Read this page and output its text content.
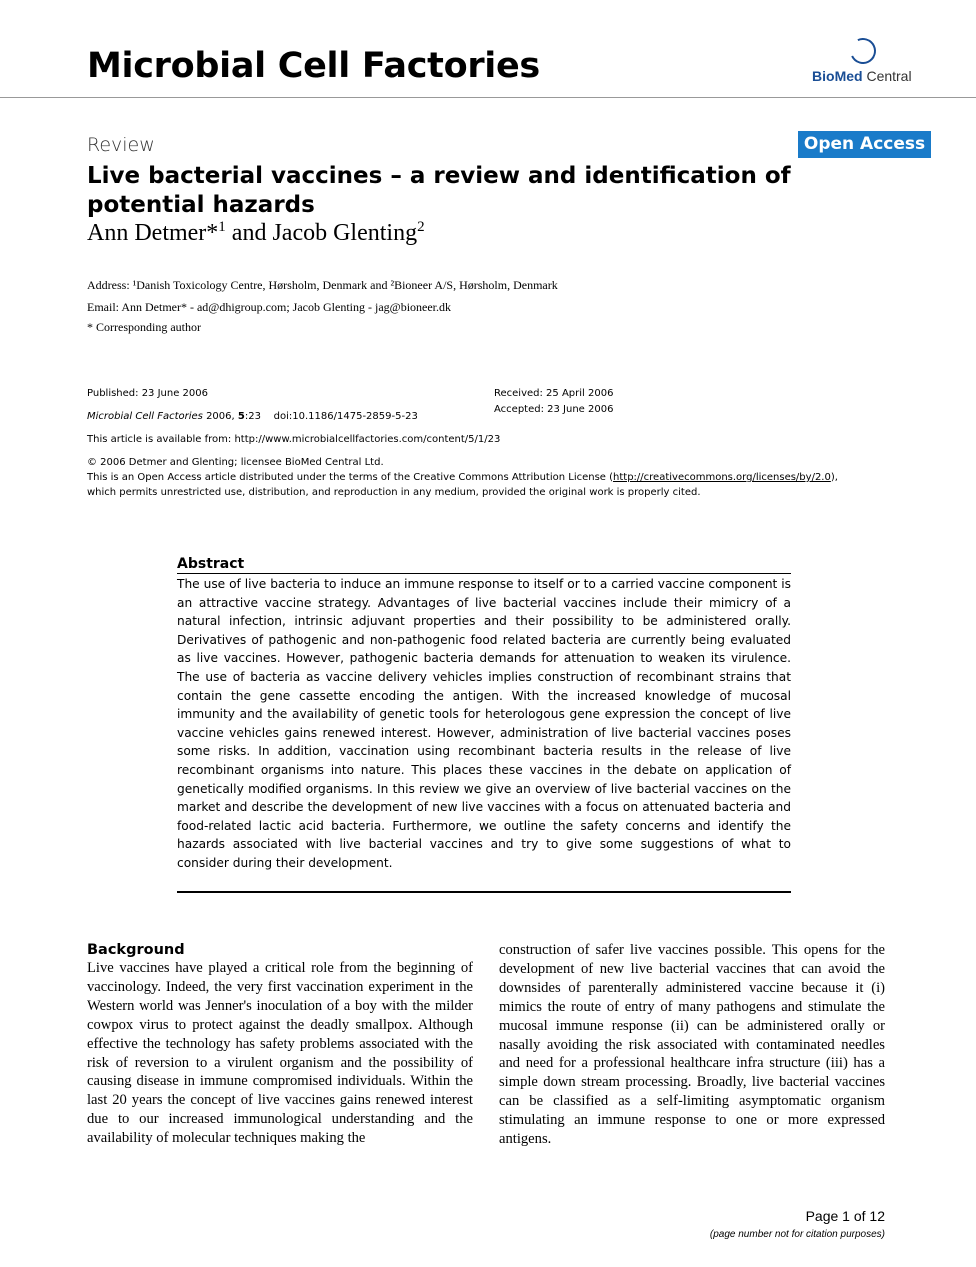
Microbial Cell Factories	BioMed Central
Review	Open Access
Live bacterial vaccines – a review and identification of potential hazards
Ann Detmer*$^1$ and Jacob Glenting$^2$
Address: ¹Danish Toxicology Centre, Hørsholm, Denmark and ²Bioneer A/S, Hørsholm, Denmark
Email: Ann Detmer* - ad@dhigroup.com; Jacob Glenting - jag@bioneer.dk
* Corresponding author
Published: 23 June 2006
Microbial Cell Factories 2006, 5:23    doi:10.1186/1475-2859-5-23
Received: 25 April 2006
Accepted: 23 June 2006
This article is available from: http://www.microbialcellfactories.com/content/5/1/23
© 2006 Detmer and Glenting; licensee BioMed Central Ltd.
This is an Open Access article distributed under the terms of the Creative Commons Attribution License (http://creativecommons.org/licenses/by/2.0),
which permits unrestricted use, distribution, and reproduction in any medium, provided the original work is properly cited.
Abstract
The use of live bacteria to induce an immune response to itself or to a carried vaccine component is an attractive vaccine strategy. Advantages of live bacterial vaccines include their mimicry of a natural infection, intrinsic adjuvant properties and their possibility to be administered orally. Derivatives of pathogenic and non-pathogenic food related bacteria are currently being evaluated as live vaccines. However, pathogenic bacteria demands for attenuation to weaken its virulence. The use of bacteria as vaccine delivery vehicles implies construction of recombinant strains that contain the gene cassette encoding the antigen. With the increased knowledge of mucosal immunity and the availability of genetic tools for heterologous gene expression the concept of live vaccine vehicles gains renewed interest. However, administration of live bacterial vaccines poses some risks. In addition, vaccination using recombinant bacteria results in the release of live recombinant organisms into nature. This places these vaccines in the debate on application of genetically modified organisms. In this review we give an overview of live bacterial vaccines on the market and describe the development of new live vaccines with a focus on attenuated bacteria and food-related lactic acid bacteria. Furthermore, we outline the safety concerns and identify the hazards associated with live bacterial vaccines and try to give some suggestions of what to consider during their development.
Background
Live vaccines have played a critical role from the beginning of vaccinology. Indeed, the very first vaccination experiment in the Western world was Jenner's inoculation of a boy with the milder cowpox virus to protect against the deadly smallpox. Although effective the technology has safety problems associated with the risk of reversion to a virulent organism and the possibility of causing disease in immune compromised individuals. Within the last 20 years the concept of live vaccines gains renewed interest due to our increased immunological understanding and the availability of molecular techniques making the
construction of safer live vaccines possible. This opens for the development of new live bacterial vaccines that can avoid the downsides of parenterally administered vaccine because it (i) mimics the route of entry of many pathogens and stimulate the mucosal immune response (ii) can be administered orally or nasally avoiding the risk associated with contaminated needles and need for a professional healthcare infra structure (iii) has a simple down stream processing. Broadly, live bacterial vaccines can be classified as a self-limiting asymptomatic organism stimulating an immune response to one or more expressed antigens.
Page 1 of 12
(page number not for citation purposes)
